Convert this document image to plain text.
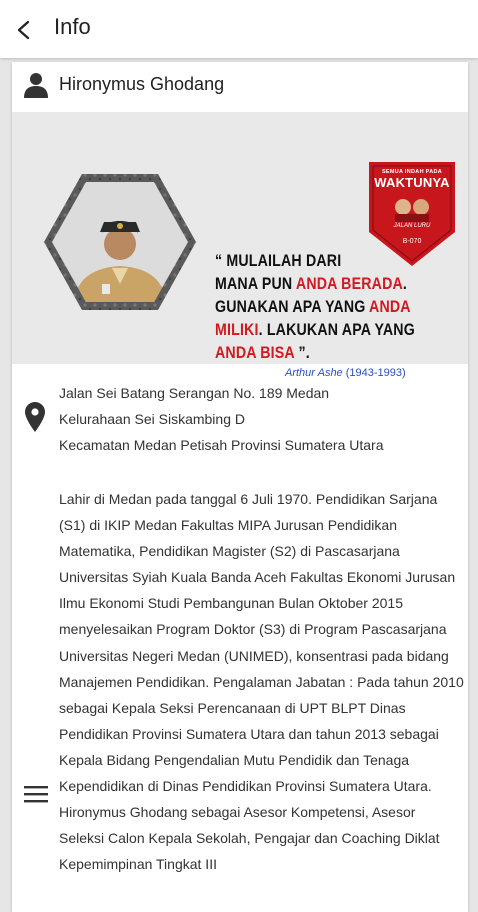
Info
Hironymus Ghodang
SEMUA INDAH PADA
WAKTUNYA
JALAN LURU
B-070
“ MULAILAH DARI
MANA PUN ANDA BERADA. GUNAKAN APA YANG ANDA MILIKI. LAKUKAN APA YANG ANDA BISA ”.
Arthur Ashe (1943-1993)
Jalan Sei Batang Serangan No. 189 Medan
Kelurahaan Sei Siskambing D
Kecamatan Medan Petisah Provinsi Sumatera Utara
Lahir di Medan pada tanggal 6 Juli 1970. Pendidikan Sarjana (S1) di IKIP Medan Fakultas MIPA Jurusan Pendidikan Matematika, Pendidikan Magister (S2) di Pascasarjana Universitas Syiah Kuala Banda Aceh Fakultas Ekonomi Jurusan Ilmu Ekonomi Studi Pembangunan Bulan Oktober 2015 menyelesaikan Program Doktor (S3) di Program Pascasarjana Universitas Negeri Medan (UNIMED), konsentrasi pada bidang Manajemen Pendidikan. Pengalaman Jabatan : Pada tahun 2010 sebagai Kepala Seksi Perencanaan di UPT BLPT Dinas Pendidikan Provinsi Sumatera Utara dan tahun 2013 sebagai Kepala Bidang Pengendalian Mutu Pendidik dan Tenaga Kependidikan di Dinas Pendidikan Provinsi Sumatera Utara. Hironymus Ghodang sebagai Asesor Kompetensi, Asesor Seleksi Calon Kepala Sekolah, Pengajar dan Coaching Diklat Kepemimpinan Tingkat III
